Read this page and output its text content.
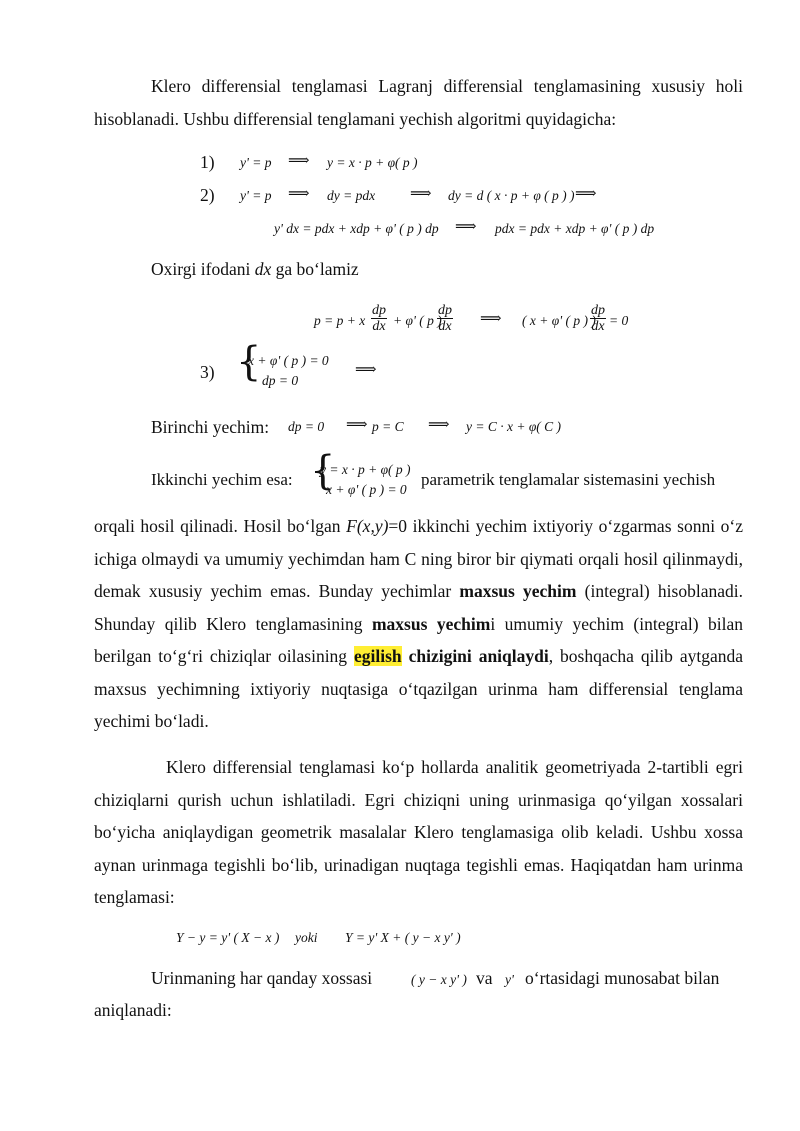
Klero differensial tenglamasi Lagranj differensial tenglamasining xususiy holi hisoblanadi. Ushbu differensial tenglamani yechish algoritmi quyidagicha:

1) y' = p ⟹ y = x · p + φ( p )
2) y' = p ⟹ dy = pdx ⟹ dy = d ( x · p + φ ( p ) ) ⟹
y' dx = pdx + xdp + φ' ( p ) dp ⟹ pdx = pdx + xdp + φ' ( p ) dp

Oxirgi ifodani dx ga bo‘lamiz

p = p + x $\frac{dp}{dx} + \varphi'$ ( p )
$\frac{dp}{dx}$ ⟹ ( x + φ' ( p ) )
$\frac{dp}{dx} = 0$
3) {
x + φ' ( p ) = 0
dp = 0
⟹
Birinchi yechim: dp = 0 ⟹ p = C ⟹ y = C · x + φ( C )
Ikkinchi yechim esa: {
y = x · p + φ( p )
x + φ' ( p ) = 0
parametrik tenglamalar sistemasini yechish

orqali hosil qilinadi. Hosil bo‘lgan F(x,y)=0 ikkinchi yechim ixtiyoriy o‘zgarmas sonni o‘z ichiga olmaydi va umumiy yechimdan ham C ning biror bir qiymati orqali hosil qilinmaydi, demak xususiy yechim emas. Bunday yechimlar maxsus yechim (integral) hisoblanadi. Shunday qilib Klero tenglamasining maxsus yechimi umumiy yechim (integral) bilan berilgan to‘g‘ri chiziqlar oilasining egilish chizigini aniqlaydi, boshqacha qilib aytganda maxsus yechimning ixtiyoriy nuqtasiga o‘tqazilgan urinma ham differensial tenglama yechimi bo‘ladi.

Klero differensial tenglamasi ko‘p hollarda analitik geometriyada 2-tartibli egri chiziqlarni qurish uchun ishlatiladi. Egri chiziqni uning urinmasiga qo‘yilgan xossalari bo‘yicha aniqlaydigan geometrik masalalar Klero tenglamasiga olib keladi. Ushbu xossa aynan urinmaga tegishli bo‘lib, urinadigan nuqtaga tegishli emas. Haqiqatdan ham urinma tenglamasi:

Y − y = y' ( X − x ) yoki Y = y' X + ( y − x y' )
Urinmaning har qanday xossasi	( y − x y' ) va y' o‘rtasidagi munosabat bilan
aniqlanadi:
